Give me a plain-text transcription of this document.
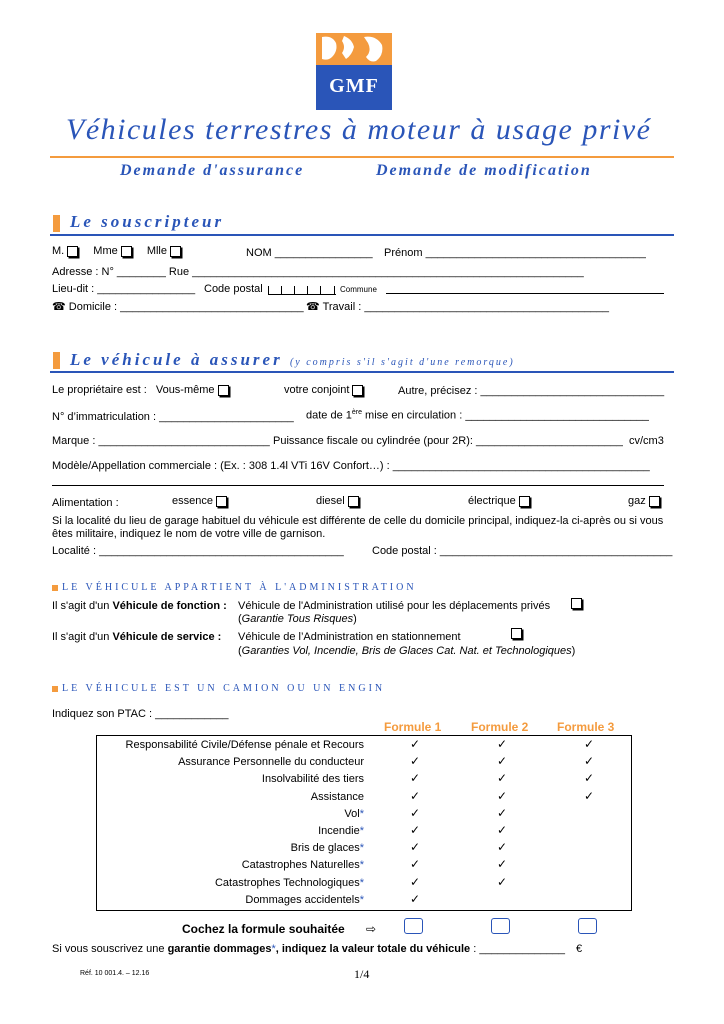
GMF
Véhicules terrestres à moteur à usage privé
Demande d'assurance	Demande de modification
Le souscripteur
M.	Mme	Mlle	NOM ________________ Prénom ____________________________________
Adresse : N° ________ Rue ________________________________________________________________
Lieu-dit : ________________ Code postal	Commune
☎ Domicile : ______________________________ ☎ Travail : ________________________________________
Le véhicule à assurer (y compris s'il s'agit d'une remorque)
Le propriétaire est : Vous-même	votre conjoint	Autre, précisez : ______________________________
N° d’immatriculation : ______________________ date de 1ère mise en circulation : ______________________________
Marque : ____________________________ Puissance fiscale ou cylindrée (pour 2R): ________________________ cv/cm3
Modèle/Appellation commerciale : (Ex. : 308 1.4l VTi 16V Confort…) : __________________________________________
Alimentation :	essence	diesel	électrique	gaz
Si la localité du lieu de garage habituel du véhicule est différente de celle du domicile principal, indiquez-la ci-après ou si vous
êtes militaire, indiquez le nom de votre ville de garnison.
Localité : ________________________________________	Code postal : ______________________________________
LE VÉHICULE APPARTIENT À L'ADMINISTRATION
Il s'agit d'un Véhicule de fonction : Véhicule de l'Administration utilisé pour les déplacements privés
(Garantie Tous Risques)
Il s'agit d'un Véhicule de service : Véhicule de l’Administration en stationnement
(Garanties Vol, Incendie, Bris de Glaces Cat. Nat. et Technologiques)
LE VÉHICULE EST UN CAMION OU UN ENGIN
Indiquez son PTAC : ____________
Formule 1 Formule 2 Formule 3
Responsabilité Civile/Défense pénale et Recours	✓	✓	✓
Assurance Personnelle du conducteur	✓	✓	✓
Insolvabilité des tiers	✓	✓	✓
Assistance	✓	✓	✓
Vol*	✓	✓
Incendie*	✓	✓
Bris de glaces*	✓	✓
Catastrophes Naturelles*	✓	✓
Catastrophes Technologiques*	✓	✓
Dommages accidentels*	✓
Cochez la formule souhaitée ⇨
Si vous souscrivez une garantie dommages*, indiquez la valeur totale du véhicule : ______________ €
Réf. 10 001.4. – 12.16	1/4
